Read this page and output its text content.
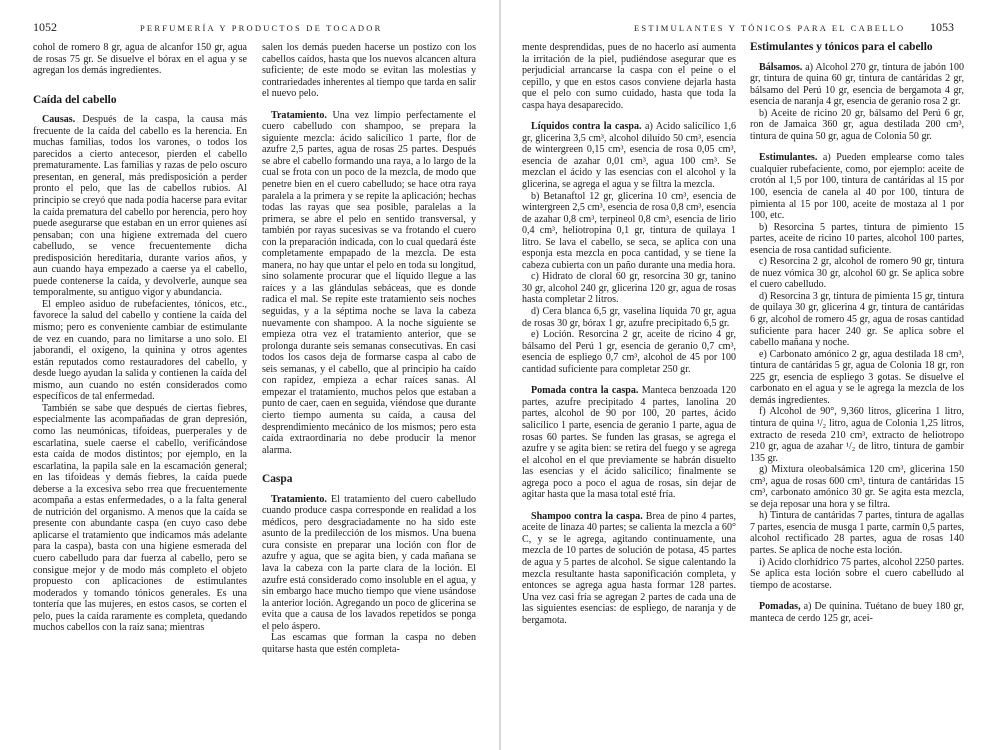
1052	PERFUMERÍA Y PRODUCTOS DE TOCADOR	ESTIMULANTES Y TÓNICOS PARA EL CABELLO 1053

cohol de romero 8 gr, agua de alcanfor 150 gr, agua de rosas 75 gr. Se disuelve el bórax en el agua y se agregan los demás ingredientes.

Caída del cabello

Causas. Después de la caspa, la causa más frecuente de la caída del cabello es la herencia. En muchas familias, todos los varones, o todos los parecidos a cierto antecesor, pierden el cabello prematuramente. Las familias y razas de pelo oscuro presentan, en general, más predisposición a perder pronto el pelo, que las de cabellos rubios. Al principio se creyó que nada podía hacerse para evitar la caída prematura del cabello por herencia, pero hoy puede asegurarse que estaban en un error quienes así pensaban; con una higiene extremada del cuero cabelludo, se vence frecuentemente dicha predisposición hereditaria, durante varios años, y aun cuando haya empezado a caerse ya el cabello, puede contenerse la caída, y devolverle, aunque sea temporalmente, su antiguo vigor y abundancia.

El empleo asiduo de rubefacientes, tónicos, etc., favorece la salud del cabello y contiene la caída del mismo; pero es conveniente cambiar de estimulante de vez en cuando, para no limitarse a uno solo. El jaborandi, el oxígeno, la quinina y otros agentes están reputados como restauradores del cabello, y desde luego ayudan la salida y contienen la caída del mismo, aun cuando no estén considerados como específicos de tal enfermedad.

También se sabe que después de ciertas fiebres, especialmente las acompañadas de gran depresión, como las neumónicas, tifoideas, puerperales y de escarlatina, suele caerse el cabello, verificándose esta caída de modos distintos; por ejemplo, en la escarlatina, la papila sale en la escamación general; en las tifoideas y demás fiebres, la caída puede deberse a la excesiva sebo rrea que frecuentemente acompaña a estas enfermedades, o a la falta general de nutrición del organismo. A menos que la caída se presente con abundante caspa (en cuyo caso debe aplicarse el tratamiento que indicamos más adelante para la caspa), basta con una higiene esmerada del cuero cabelludo para dar fuerza al cabello, pero se consigue mejor y de modo más completo el objeto propuesto con aplicaciones de estimulantes moderados y tomando tónicos generales. Es una tontería que las mujeres, en estos casos, se corten el pelo, pues la caída raramente es completa, quedando muchos cabellos con la raíz sana; mientras

salen los demás pueden hacerse un postizo con los cabellos caídos, hasta que los nuevos alcancen altura suficiente; de este modo se evitan las molestias y contrariedades inherentes al tiempo que tarda en salir el nuevo pelo.

Tratamiento. Una vez limpio perfectamente el cuero cabelludo con shampoo, se prepara la siguiente mezcla: ácido salicílico 1 parte, flor de azufre 2,5 partes, agua de rosas 25 partes. Después se abre el cabello formando una raya, a lo largo de la cual se frota con un poco de la mezcla, de modo que penetre bien en el cuero cabelludo; se hace otra raya paralela a la primera y se repite la aplicación; hechas todas las rayas que sea posible, paralelas a la primera, se abre el pelo en sentido transversal, y también por rayas sucesivas se va frotando el cuero con la preparación indicada, con lo cual quedará éste completamente empapado de la mezcla. De esta manera, no hay que untar el pelo en toda su longitud, sino solamente procurar que el líquido llegue a las raíces y a las glándulas sebáceas, que es donde radica el mal. Se repite este tratamiento seis noches seguidas, y a la séptima noche se lava la cabeza nuevamente con shampoo. A la noche siguiente se empieza otra vez el tratamiento anterior, que se prolonga durante seis semanas consecutivas. En casi todos los casos deja de formarse caspa al cabo de seis semanas, y el cabello, que al principio ha caído con rapidez, empieza a echar raíces sanas. Al empezar el tratamiento, muchos pelos que estaban a punto de caer, caen en seguida, viéndose que durante cierto tiempo aumenta su caída, a causa del desprendimiento mecánico de los mismos; pero esta caída extraordinaria no debe producir la menor alarma.

Caspa

Tratamiento. El tratamiento del cuero cabelludo cuando produce caspa corresponde en realidad a los médicos, pero desgraciadamente no ha sido este asunto de la predilección de los mismos. Una buena cura consiste en preparar una loción con flor de azufre y agua, que se agita bien, y cada mañana se lava la cabeza con la parte clara de la loción. El azufre está considerado como insoluble en el agua, y sin embargo hace mucho tiempo que viene usándose la anterior loción. Agregando un poco de glicerina se evita que a causa de los lavados repetidos se ponga el pelo áspero.

Las escamas que forman la caspa no deben quitarse hasta que estén completa-

mente desprendidas, pues de no hacerlo así aumenta la irritación de la piel, pudiéndose asegurar que es perjudicial arrancarse la caspa con el peine o el cepillo, y que en estos casos conviene dejarla hasta que el pelo con sumo cuidado, hasta que toda la caspa haya desaparecido.

Líquidos contra la caspa. a) Acido salicílico 1,6 gr, glicerina 3,5 cm³, alcohol diluído 50 cm³, esencia de wintergreen 0,15 cm³, esencia de rosa 0,05 cm³, esencia de azahar 0,01 cm³, agua 100 cm³. Se mezclan el ácido y las esencias con el alcohol y la glicerina, se agrega el agua y se filtra la mezcla.

b) Betanaftol 12 gr, glicerina 10 cm³, esencia de wintergreen 2,5 cm³, esencia de rosa 0,8 cm³, esencia de azahar 0,8 cm³, terpineol 0,8 cm³, esencia de lirio 0,4 cm³, heliotropina 0,1 gr, tintura de quilaya 1 litro. Se lava el cabello, se seca, se aplica con una esponja esta mezcla en poca cantidad, y se tiene la cabeza cubierta con un paño durante una media hora.

c) Hidrato de cloral 60 gr, resorcina 30 gr, tanino 30 gr, alcohol 240 gr, glicerina 120 gr, agua de rosas hasta completar 2 litros.

d) Cera blanca 6,5 gr, vaselina líquida 70 gr, agua de rosas 30 gr, bórax 1 gr, azufre precipitado 6,5 gr.

e) Loción. Resorcina 2 gr, aceite de ricino 4 gr, bálsamo del Perú 1 gr, esencia de geranio 0,7 cm³, esencia de espliego 0,7 cm³, alcohol de 45 por 100 cantidad suficiente para completar 250 gr.

Pomada contra la caspa. Manteca benzoada 120 partes, azufre precipitado 4 partes, lanolina 20 partes, alcohol de 90 por 100, 20 partes, ácido salicílico 1 parte, esencia de geranio 1 parte, agua de rosas 60 partes. Se funden las grasas, se agrega el azufre y se agita bien: se retira del fuego y se agrega el alcohol en el que previamente se habrán disuelto las esencias y el ácido salicílico; finalmente se agrega poco a poco el agua de rosas, sin dejar de agitar hasta que la masa total esté fría.

Shampoo contra la caspa. Brea de pino 4 partes, aceite de linaza 40 partes; se calienta la mezcla a 60° C, y se le agrega, agitando continuamente, una mezcla de 10 partes de solución de potasa, 45 partes de agua y 5 partes de alcohol. Se sigue calentando la mezcla resultante hasta saponificación completa, y entonces se agrega agua hasta formar 128 partes. Una vez casi fría se agregan 2 partes de cada una de las siguientes esencias: de espliego, de naranja y de bergamota.

Estimulantes y tónicos para el cabello

Bálsamos. a) Alcohol 270 gr, tintura de jabón 100 gr, tintura de quina 60 gr, tintura de cantáridas 2 gr, bálsamo del Perú 10 gr, esencia de bergamota 4 gr, esencia de naranja 4 gr, esencia de geranio rosa 2 gr.

b) Aceite de ricino 20 gr, bálsamo del Perú 6 gr, ron de Jamaica 360 gr, agua destilada 200 cm³, tintura de quina 50 gr, agua de Colonia 50 gr.

Estimulantes. a) Pueden emplearse como tales cualquier rubefaciente, como, por ejemplo: aceite de crotón al 1,5 por 100, tintura de cantáridas al 15 por 100, esencia de canela al 40 por 100, tintura de pimienta al 15 por 100, aceite de mostaza al 1 por 100, etc.

b) Resorcina 5 partes, tintura de pimiento 15 partes, aceite de ricino 10 partes, alcohol 100 partes, esencia de rosa cantidad suficiente.

c) Resorcina 2 gr, alcohol de romero 90 gr, tintura de nuez vómica 30 gr, alcohol 60 gr. Se aplica sobre el cuero cabelludo.

d) Resorcina 3 gr, tintura de pimienta 15 gr, tintura de quilaya 30 gr, glicerina 4 gr, tintura de cantáridas 6 gr, alcohol de romero 45 gr, agua de rosas cantidad suficiente para hacer 240 gr. Se aplica sobre el cabello mañana y noche.

e) Carbonato amónico 2 gr, agua destilada 18 cm³, tintura de cantáridas 5 gr, agua de Colonia 18 gr, ron 225 gr, esencia de espliego 3 gotas. Se disuelve el carbonato en el agua y se le agrega la mezcla de los demás ingredientes.

f) Alcohol de 90°, 9,360 litros, glicerina 1 litro, tintura de quina ¹/₂ litro, agua de Colonia 1,25 litros, extracto de reseda 210 cm³, extracto de heliotropo 210 gr, agua de azahar ¹/₂ de litro, tintura de gambir 135 gr.

g) Mixtura oleobalsámica 120 cm³, glicerina 150 cm³, agua de rosas 600 cm³, tintura de cantáridas 15 cm³, carbonato amónico 30 gr. Se agita esta mezcla, se deja reposar una hora y se filtra.

h) Tintura de cantáridas 7 partes, tintura de agallas 7 partes, esencia de musga 1 parte, carmín 0,5 partes, alcohol rectificado 28 partes, agua de rosas 140 partes. Se aplica de noche esta loción.

i) Acido clorhídrico 75 partes, alcohol 2250 partes. Se aplica esta loción sobre el cuero cabelludo al tiempo de acostarse.

Pomadas, a) De quinina. Tuétano de buey 180 gr, manteca de cerdo 125 gr, acei-
